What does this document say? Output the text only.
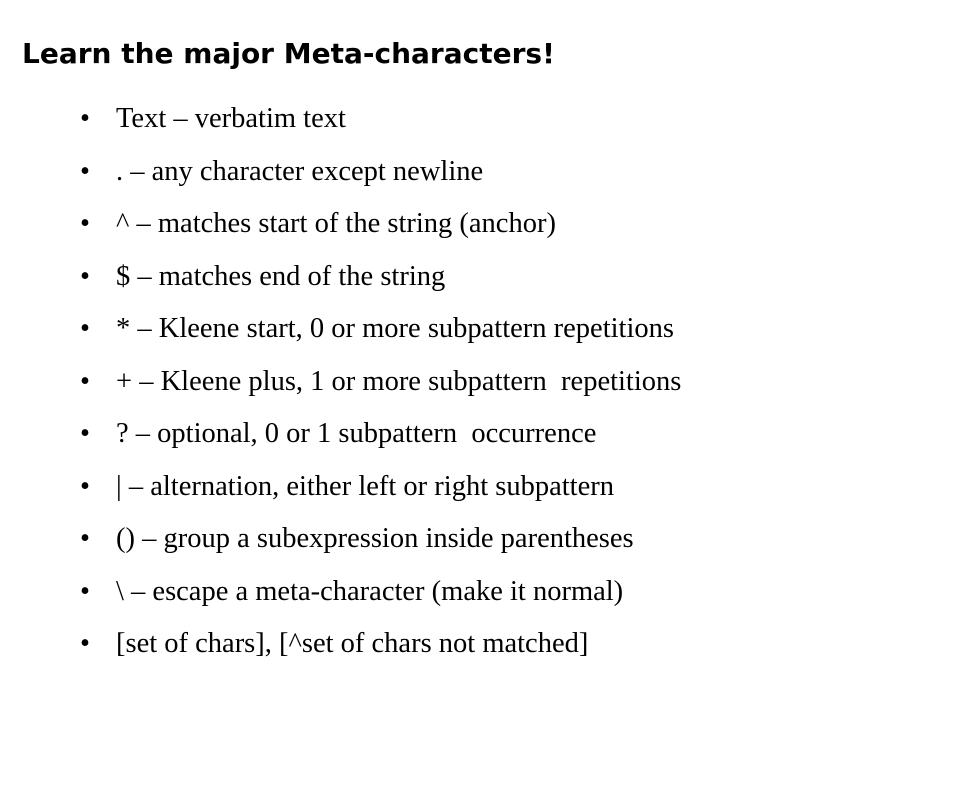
Learn the major Meta-characters!

•

Text – verbatim text

•

. – any character except newline

•

^ – matches start of the string (anchor)

•

$ – matches end of the string

•

* – Kleene start, 0 or more subpattern repetitions

•

+ – Kleene plus, 1 or more subpattern  repetitions

•

? – optional, 0 or 1 subpattern  occurrence

•

| – alternation, either left or right subpattern

•

() – group a subexpression inside parentheses

•

\ – escape a meta-character (make it normal)

•

[set of chars], [^set of chars not matched]
